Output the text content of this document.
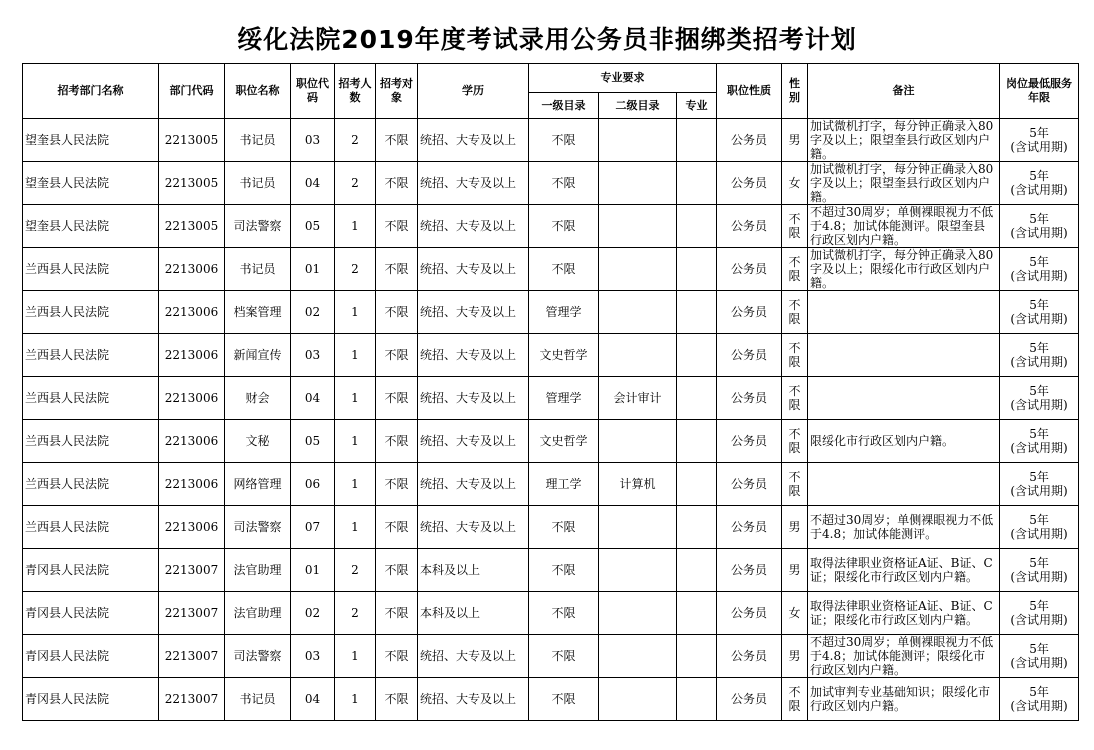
绥化法院2019年度考试录用公务员非捆绑类招考计划
招考部门名称	部门代码	职位名称	职位代码	招考人数	招考对象	学历	专业要求			职位性质	性别	备注	岗位最低服务年限
							一级目录	二级目录	专业				
望奎县人民法院	2213005	书记员	03	2	不限	统招、大专及以上	不限			公务员	男	加试微机打字，每分钟正确录入80字及以上；限望奎县行政区划内户籍。	5年
(含试用期)

望奎县人民法院	2213005	书记员	04	2	不限	统招、大专及以上	不限			公务员	女	加试微机打字，每分钟正确录入80字及以上；限望奎县行政区划内户籍。	5年
(含试用期)

望奎县人民法院	2213005	司法警察	05	1	不限	统招、大专及以上	不限			公务员	不限	不超过30周岁；单侧裸眼视力不低于4.8；加试体能测评。限望奎县行政区划内户籍。	5年
(含试用期)

兰西县人民法院	2213006	书记员	01	2	不限	统招、大专及以上	不限			公务员	不限	加试微机打字，每分钟正确录入80字及以上；限绥化市行政区划内户籍。	5年
(含试用期)

兰西县人民法院	2213006	档案管理	02	1	不限	统招、大专及以上	管理学			公务员	不限		5年
(含试用期)

兰西县人民法院	2213006	新闻宣传	03	1	不限	统招、大专及以上	文史哲学			公务员	不限		5年
(含试用期)

兰西县人民法院	2213006	财会	04	1	不限	统招、大专及以上	管理学	会计审计		公务员	不限		5年
(含试用期)

兰西县人民法院	2213006	文秘	05	1	不限	统招、大专及以上	文史哲学			公务员	不限	限绥化市行政区划内户籍。	5年
(含试用期)

兰西县人民法院	2213006	网络管理	06	1	不限	统招、大专及以上	理工学	计算机		公务员	不限		5年
(含试用期)

兰西县人民法院	2213006	司法警察	07	1	不限	统招、大专及以上	不限			公务员	男	不超过30周岁；单侧裸眼视力不低于4.8；加试体能测评。	5年
(含试用期)

青冈县人民法院	2213007	法官助理	01	2	不限	本科及以上	不限			公务员	男	取得法律职业资格证A证、B证、C证；限绥化市行政区划内户籍。	5年
(含试用期)

青冈县人民法院	2213007	法官助理	02	2	不限	本科及以上	不限			公务员	女	取得法律职业资格证A证、B证、C证；限绥化市行政区划内户籍。	5年
(含试用期)

青冈县人民法院	2213007	司法警察	03	1	不限	统招、大专及以上	不限			公务员	男	不超过30周岁；单侧裸眼视力不低于4.8；加试体能测评；限绥化市行政区划内户籍。	5年
(含试用期)

青冈县人民法院	2213007	书记员	04	1	不限	统招、大专及以上	不限			公务员	不限	加试审判专业基础知识；限绥化市行政区划内户籍。	5年
(含试用期)
